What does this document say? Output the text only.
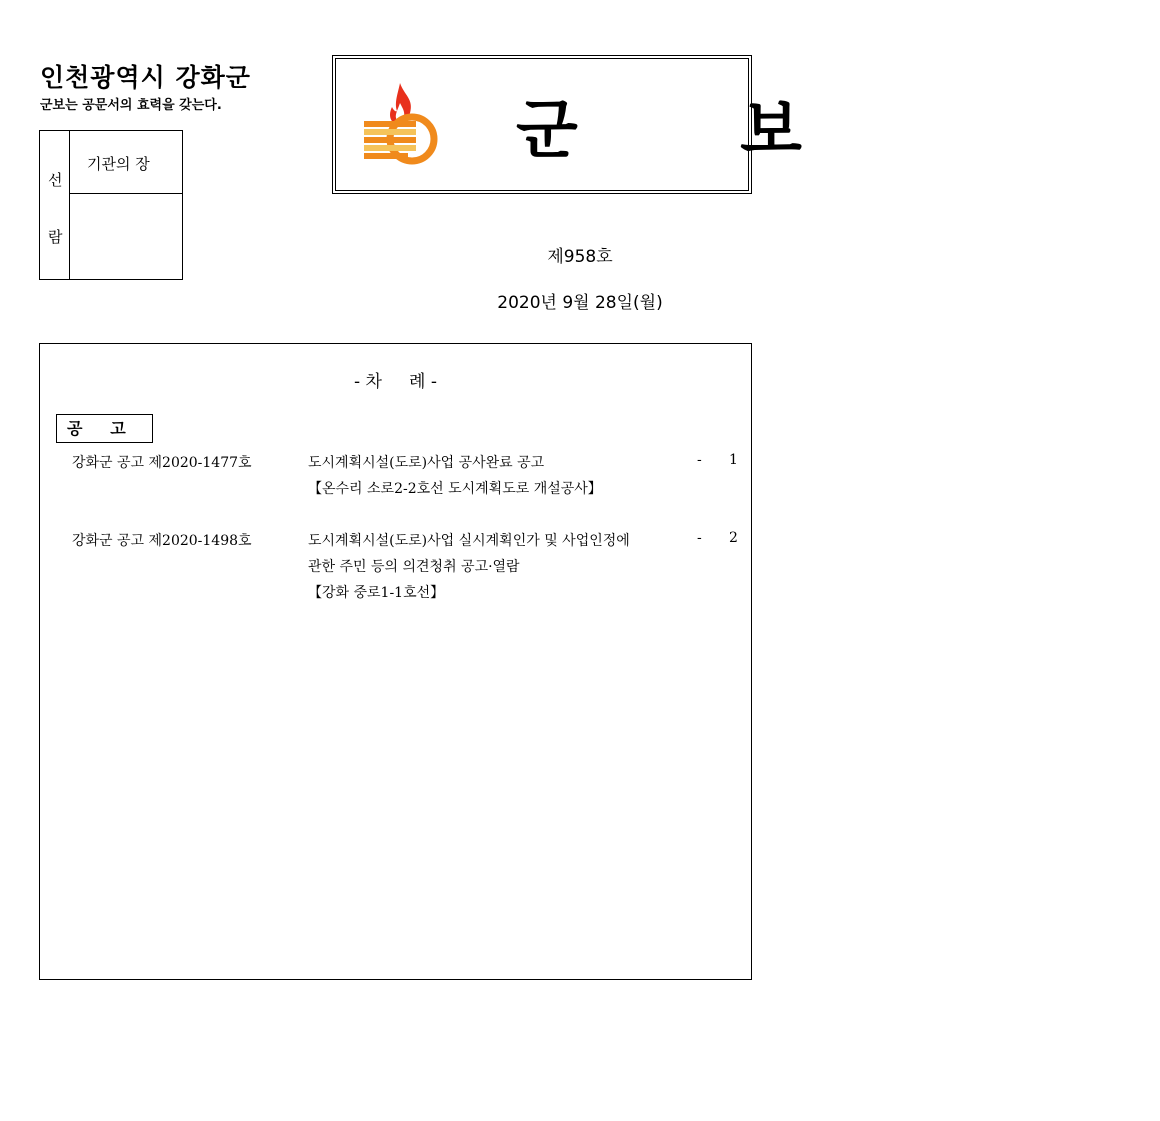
인천광역시 강화군
군보는 공문서의 효력을 갖는다.
선
람
기관의 장	군 보
제958호
2020년 9월 28일(월)
- 차     례 -
공     고
강화군 공고 제2020-1477호	도시계획시설(도로)사업 공사완료 공고
【온수리 소로2-2호선 도시계획도로 개설공사】
- 1
강화군 공고 제2020-1498호	도시계획시설(도로)사업 실시계획인가 및 사업인정에
관한 주민 등의 의견청취 공고·열람
【강화 중로1-1호선】
- 2
